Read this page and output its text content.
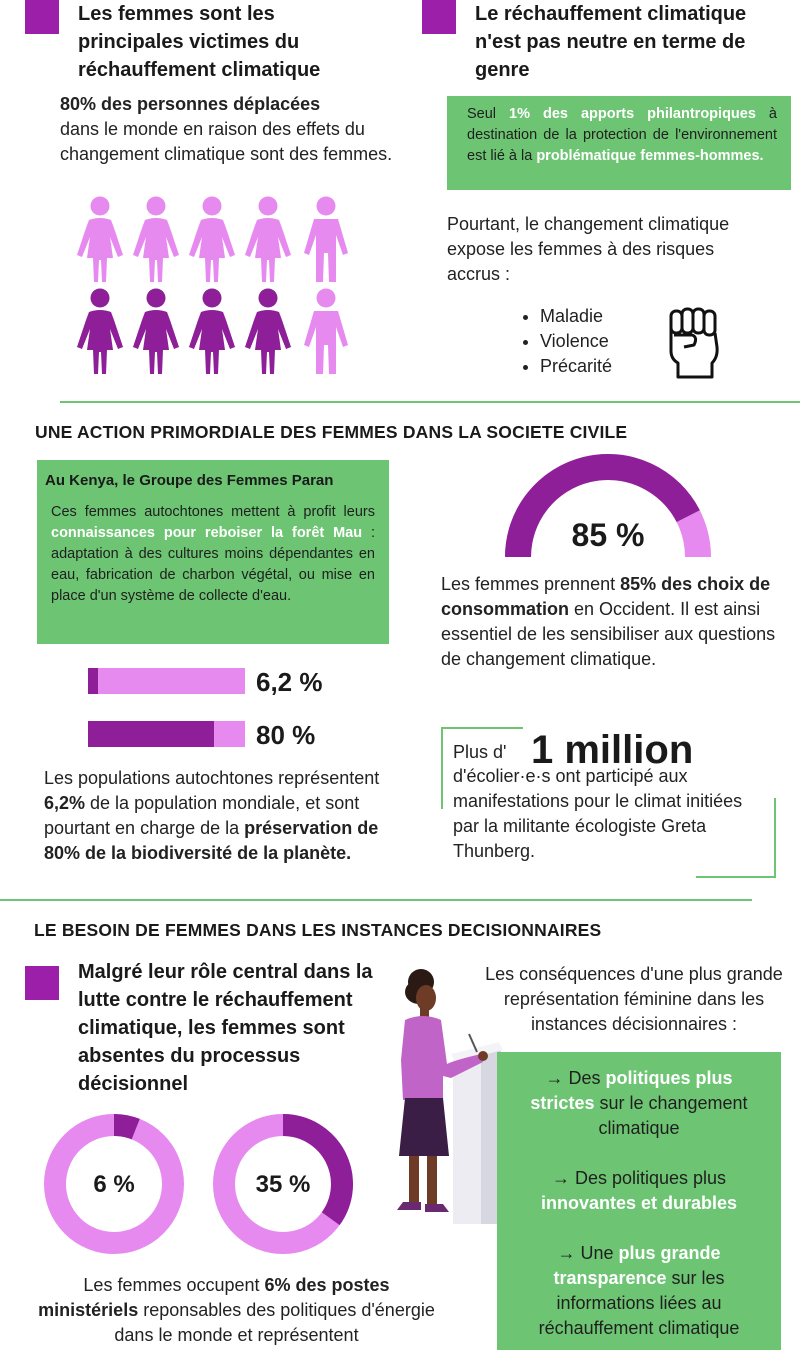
Les femmes sont les principales victimes du réchauffement climatique
80% des personnes déplacées
dans le monde en raison des effets du changement climatique sont des femmes.
Le réchauffement climatique n'est pas neutre en terme de genre
Seul 1% des apports philantropiques à destination de la protection de l'environnement est lié à la problématique femmes-hommes.
Pourtant, le changement climatique expose les femmes à des risques accrus :
• Maladie
• Violence
• Précarité
UNE ACTION PRIMORDIALE DES FEMMES DANS LA SOCIETE CIVILE
Au Kenya, le Groupe des Femmes Paran
Ces femmes autochtones mettent à profit leurs connaissances pour reboiser la forêt Mau : adaptation à des cultures moins dépendantes en eau, fabrication de charbon végétal, ou mise en place d'un système de collecte d'eau.
6,2 %
80 %
Les populations autochtones représentent 6,2% de la population mondiale, et sont pourtant en charge de la préservation de 80% de la biodiversité de la planète.
85 %
Les femmes prennent 85% des choix de consommation en Occident. Il est ainsi essentiel de les sensibiliser aux questions de changement climatique.
Plus d' 1 million
d'écolier·e·s ont participé aux manifestations pour le climat initiées par la militante écologiste Greta Thunberg.
LE BESOIN DE FEMMES DANS LES INSTANCES DECISIONNAIRES
Malgré leur rôle central dans la lutte contre le réchauffement climatique, les femmes sont absentes du processus décisionnel
6 %	35 %
Les femmes occupent 6% des postes ministériels reponsables des politiques d'énergie dans le monde et représentent
Les conséquences d'une plus grande représentation féminine dans les instances décisionnaires :
→ Des politiques plus strictes sur le changement climatique
→ Des politiques plus innovantes et durables
→ Une plus grande transparence sur les informations liées au réchauffement climatique
